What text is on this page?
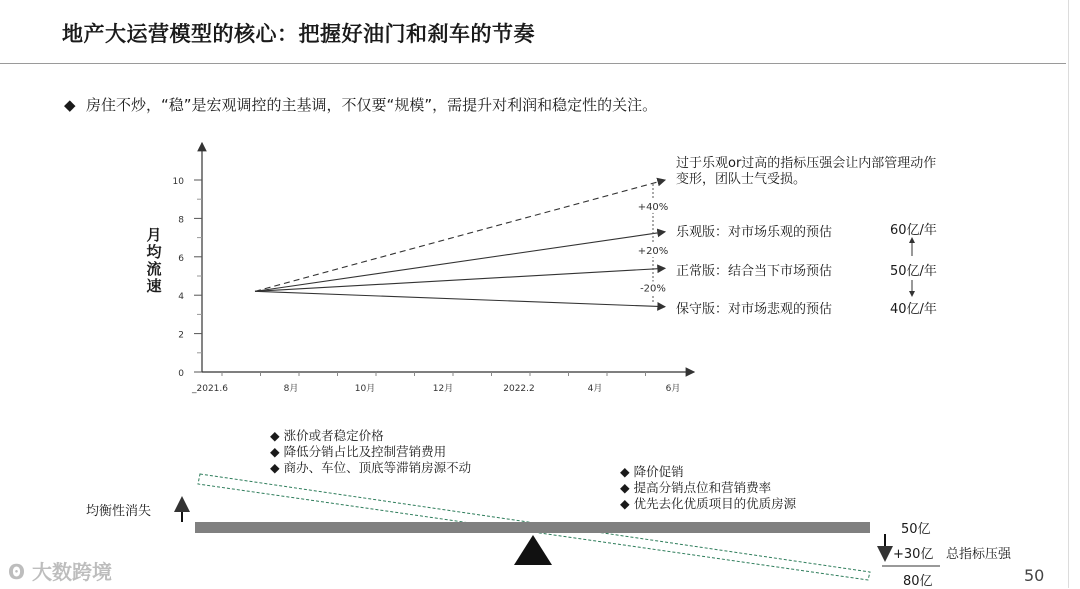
地产大运营模型的核心：把握好油门和刹车的节奏
◆ 房住不炒，“稳”是宏观调控的主基调，不仅要“规模”，需提升对利润和稳定性的关注。
0
2
4
6
8
10
_2021.6	8月	10月	12月	2022.2	4月	6月
月均流速
+40%
+20%
-20%
过于乐观or过高的指标压强会让内部管理动作变形，团队士气受损。
乐观版：对市场乐观的预估
正常版：结合当下市场预估
保守版：对市场悲观的预估
60亿/年
50亿/年
40亿/年
◆ 涨价或者稳定价格
◆ 降低分销占比及控制营销费用
◆ 商办、车位、顶底等滞销房源不动	◆ 降价促销
◆ 提高分销点位和营销费率
◆ 优先去化优质项目的优质房源
均衡性消失
50亿
+30亿
80亿
总指标压强
ʘ 大数跨境	50
